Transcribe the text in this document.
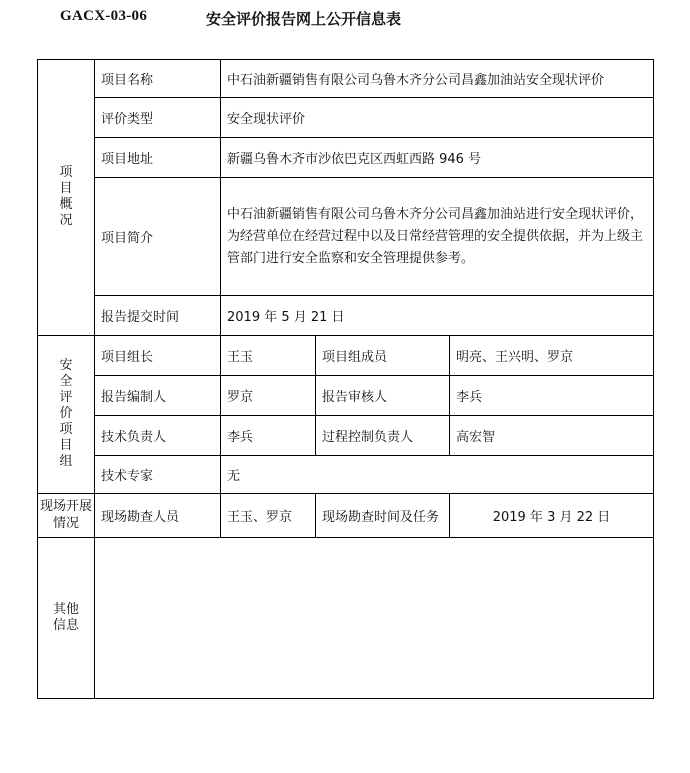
GACX-03-06	安全评价报告网上公开信息表
项目概况	项目名称	中石油新疆销售有限公司乌鲁木齐分公司昌鑫加油站安全现状评价		
	评价类型	安全现状评价		
	项目地址	新疆乌鲁木齐市沙依巴克区西虹西路 946 号		
	项目简介	中石油新疆销售有限公司乌鲁木齐分公司昌鑫加油站进行安全现状评价，为经营单位在经营过程中以及日常经营管理的安全提供依据，并为上级主管部门进行安全监察和安全管理提供参考。		
	报告提交时间	2019 年 5 月 21 日		
安全评价项目组	项目组长	王玉	项目组成员	明亮、王兴明、罗京
	报告编制人	罗京	报告审核人	李兵
	技术负责人	李兵	过程控制负责人	高宏智
	技术专家	无		
现场开展情况	现场勘查人员	王玉、罗京	现场勘查时间及任务	2019 年 3 月 22 日
其他信息				
